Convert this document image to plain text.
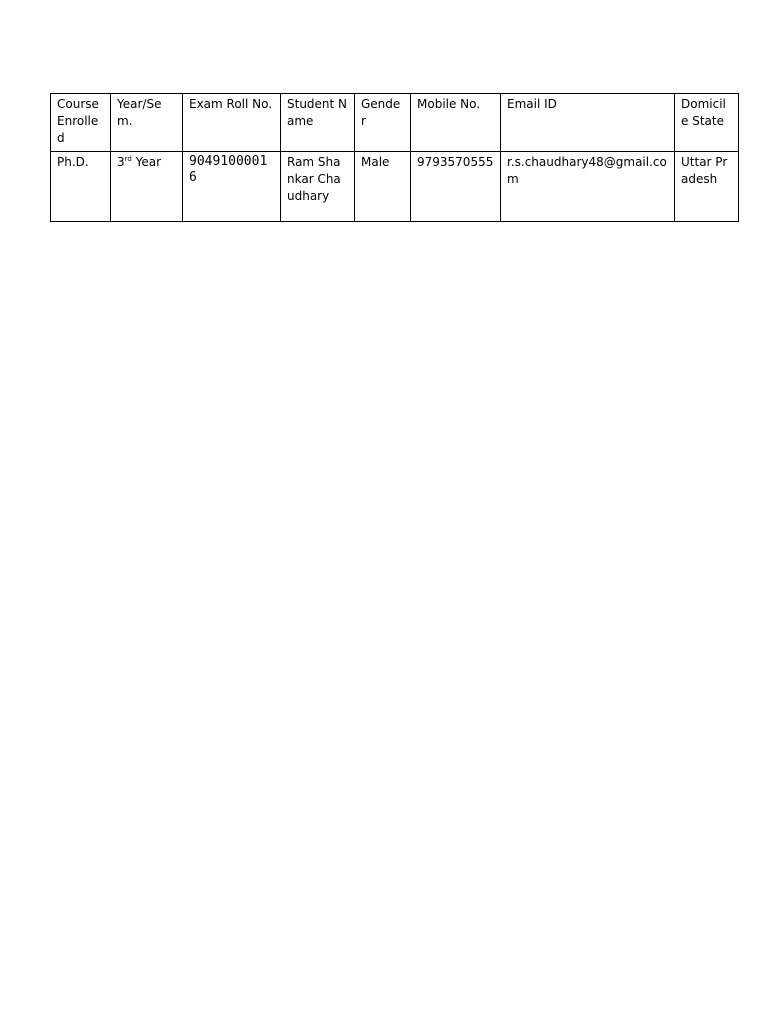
Course Enrolled	Year/Sem.	Exam Roll No.	Student Name	Gender	Mobile No.	Email ID	Domicile State
Ph.D.	3rd Year	90491000016	Ram Shankar Chaudhary	Male	9793570555	r.s.chaudhary48@gmail.com	Uttar Pradesh
